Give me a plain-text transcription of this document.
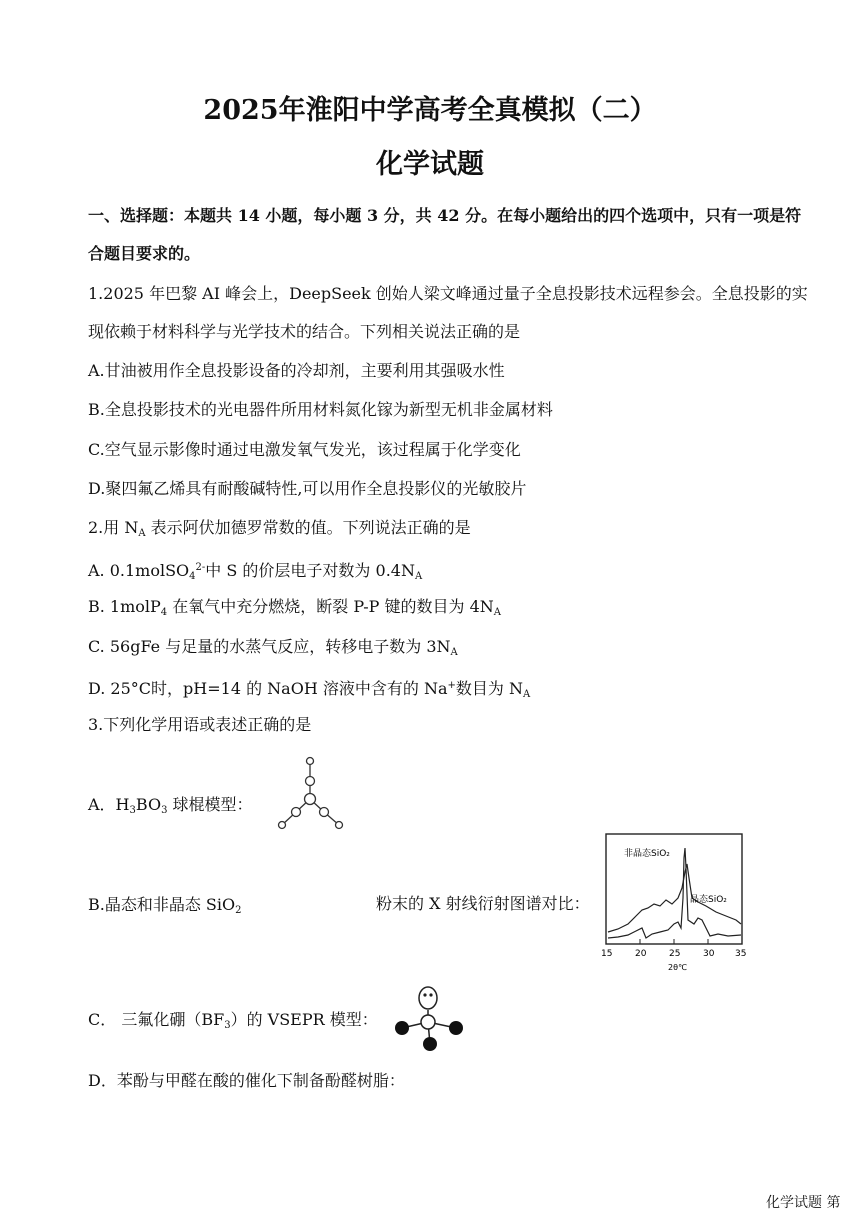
2025年淮阳中学高考全真模拟（二）
化学试题
一、选择题：本题共 14 小题，每小题 3 分，共 42 分。在每小题给出的四个选项中，只有一项是符
合题目要求的。
1.2025 年巴黎 AI 峰会上，DeepSeek 创始人梁文峰通过量子全息投影技术远程参会。全息投影的实
现依赖于材料科学与光学技术的结合。下列相关说法正确的是
A.甘油被用作全息投影设备的冷却剂，主要利用其强吸水性
B.全息投影技术的光电器件所用材料氮化镓为新型无机非金属材料
C.空气显示影像时通过电激发氧气发光，该过程属于化学变化
D.聚四氟乙烯具有耐酸碱特性,可以用作全息投影仪的光敏胶片
2.用 $N_A$ 表示阿伏加德罗常数的值。下列说法正确的是
A. 0.1molSO$_4^{2-}$中 S 的价层电子对数为 $0.4N_A$
B. 1molP$_4$ 在氧气中充分燃烧，断裂 P-P 键的数目为 $4N_A$
C. 56gFe 与足量的水蒸气反应，转移电子数为 $3N_A$
D. 25°C时，pH=14 的 NaOH 溶液中含有的 Na+数目为 $N_A$
3.下列化学用语或表述正确的是
A．$H_3BO_3$ 球棍模型：
B.晶态和非晶态 SiO$_2$	粉末的 X 射线衍射图谱对比：
非晶态SiO₂
晶态SiO₂
15	20	25	30 35
2θ℃
C． 三氟化硼$(BF_3)$的 VSEPR 模型：
D．苯酚与甲醛在酸的催化下制备酚醛树脂：
化学试题 第
